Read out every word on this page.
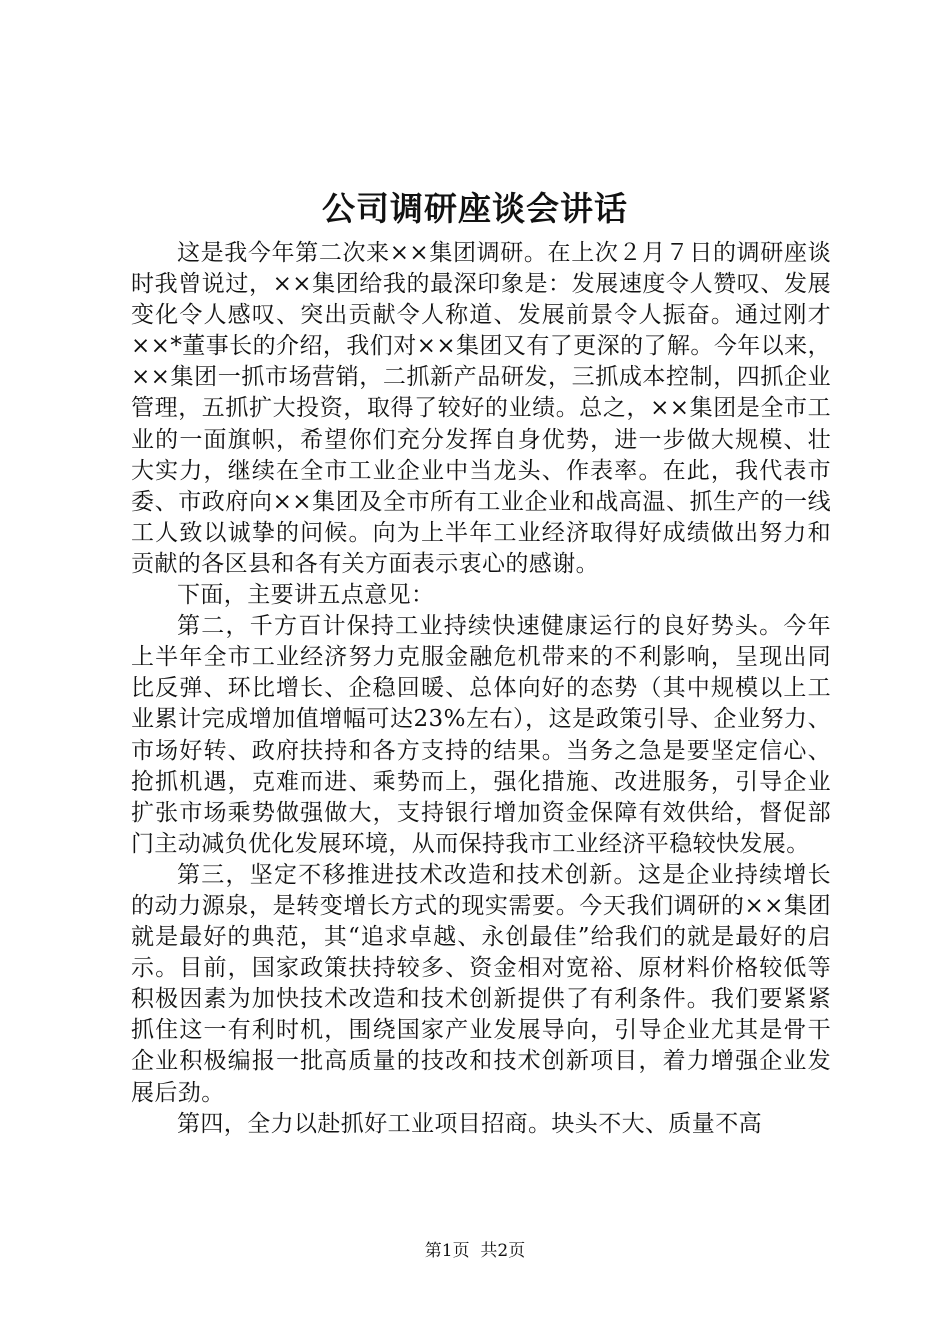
公司调研座谈会讲话

这是我今年第二次来××集团调研。在上次２月７日的调研座谈时我曾说过，××集团给我的最深印象是：发展速度令人赞叹、发展变化令人感叹、突出贡献令人称道、发展前景令人振奋。通过刚才××*董事长的介绍，我们对××集团又有了更深的了解。今年以来，××集团一抓市场营销，二抓新产品研发，三抓成本控制，四抓企业管理，五抓扩大投资，取得了较好的业绩。总之，××集团是全市工业的一面旗帜，希望你们充分发挥自身优势，进一步做大规模、壮大实力，继续在全市工业企业中当龙头、作表率。在此，我代表市委、市政府向××集团及全市所有工业企业和战高温、抓生产的一线工人致以诚挚的问候。向为上半年工业经济取得好成绩做出努力和贡献的各区县和各有关方面表示衷心的感谢。

下面，主要讲五点意见：

第二，千方百计保持工业持续快速健康运行的良好势头。今年上半年全市工业经济努力克服金融危机带来的不利影响，呈现出同比反弹、环比增长、企稳回暖、总体向好的态势（其中规模以上工业累计完成增加值增幅可达23%左右），这是政策引导、企业努力、市场好转、政府扶持和各方支持的结果。当务之急是要坚定信心、抢抓机遇，克难而进、乘势而上，强化措施、改进服务，引导企业扩张市场乘势做强做大，支持银行增加资金保障有效供给，督促部门主动减负优化发展环境，从而保持我市工业经济平稳较快发展。

第三，坚定不移推进技术改造和技术创新。这是企业持续增长的动力源泉，是转变增长方式的现实需要。今天我们调研的××集团就是最好的典范，其“追求卓越、永创最佳”给我们的就是最好的启示。目前，国家政策扶持较多、资金相对宽裕、原材料价格较低等积极因素为加快技术改造和技术创新提供了有利条件。我们要紧紧抓住这一有利时机，围绕国家产业发展导向，引导企业尤其是骨干企业积极编报一批高质量的技改和技术创新项目，着力增强企业发展后劲。

第四，全力以赴抓好工业项目招商。块头不大、质量不高

第1页 共2页
